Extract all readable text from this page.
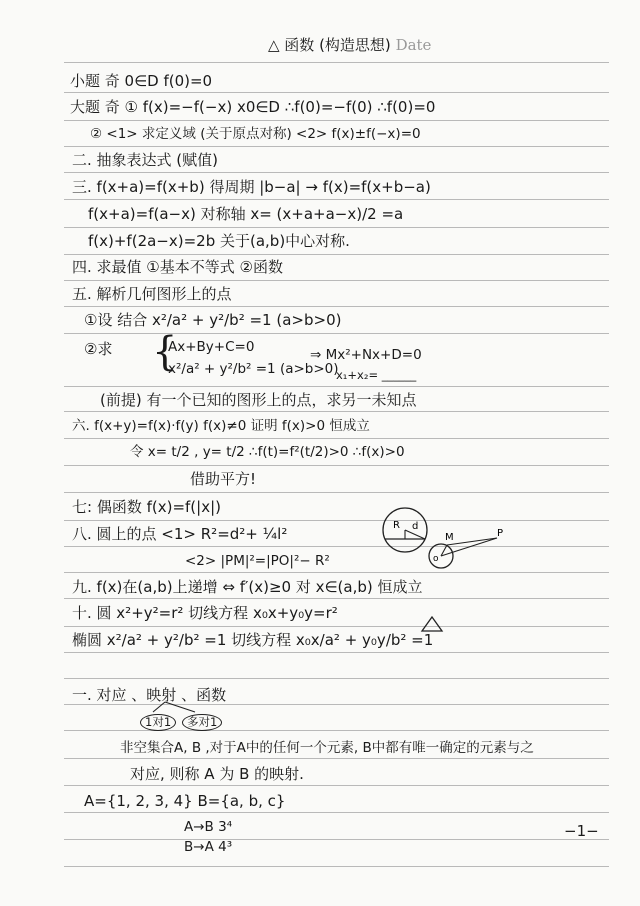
△ 函数 (构造思想) Date
小题 奇 0∈D f(0)=0
大题 奇 ① f(x)=−f(−x) x0∈D ∴f(0)=−f(0) ∴f(0)=0
② <1> 求定义域 (关于原点对称) <2> f(x)±f(−x)=0
二. 抽象表达式 (赋值)
三. f(x+a)=f(x+b) 得周期 |b−a| → f(x)=f(x+b−a)
f(x+a)=f(a−x) 对称轴 x= (x+a+a−x)/2 =a
f(x)+f(2a−x)=2b 关于(a,b)中心对称.
四. 求最值 ①基本不等式 ②函数
五. 解析几何图形上的点
①设 结合 x²/a² + y²/b² =1 (a>b>0)
②求 {
Ax+By+C=0
x²/a² + y²/b² =1 (a>b>0)
⇒ Mx²+Nx+D=0
x₁+x₂= ______
(前提) 有一个已知的图形上的点，求另一未知点
六. f(x+y)=f(x)·f(y) f(x)≠0 证明 f(x)>0 恒成立
令 x= t/2 , y= t/2 ∴f(t)=f²(t/2)>0 ∴f(x)>0
借助平方!
七: 偶函数 f(x)=f(|x|)
八. 圆上的点 <1> R²=d²+ ¼l²	R d
<2> |PM|²=|PO|²− R²
M	P
o
九. f(x)在(a,b)上递增 ⇔ f′(x)≥0 对 x∈(a,b) 恒成立
十. 圆 x²+y²=r² 切线方程 x₀x+y₀y=r²
椭圆 x²/a² + y²/b² =1 切线方程 x₀x/a² + y₀y/b² =1
一. 对应 、映射 、函数
1对1	多对1
非空集合A, B ,对于A中的任何一个元素, B中都有唯一确定的元素与之
对应, 则称 A 为 B 的映射.
A={1, 2, 3, 4} B={a, b, c}
A→B 3⁴
B→A 4³
−1−
